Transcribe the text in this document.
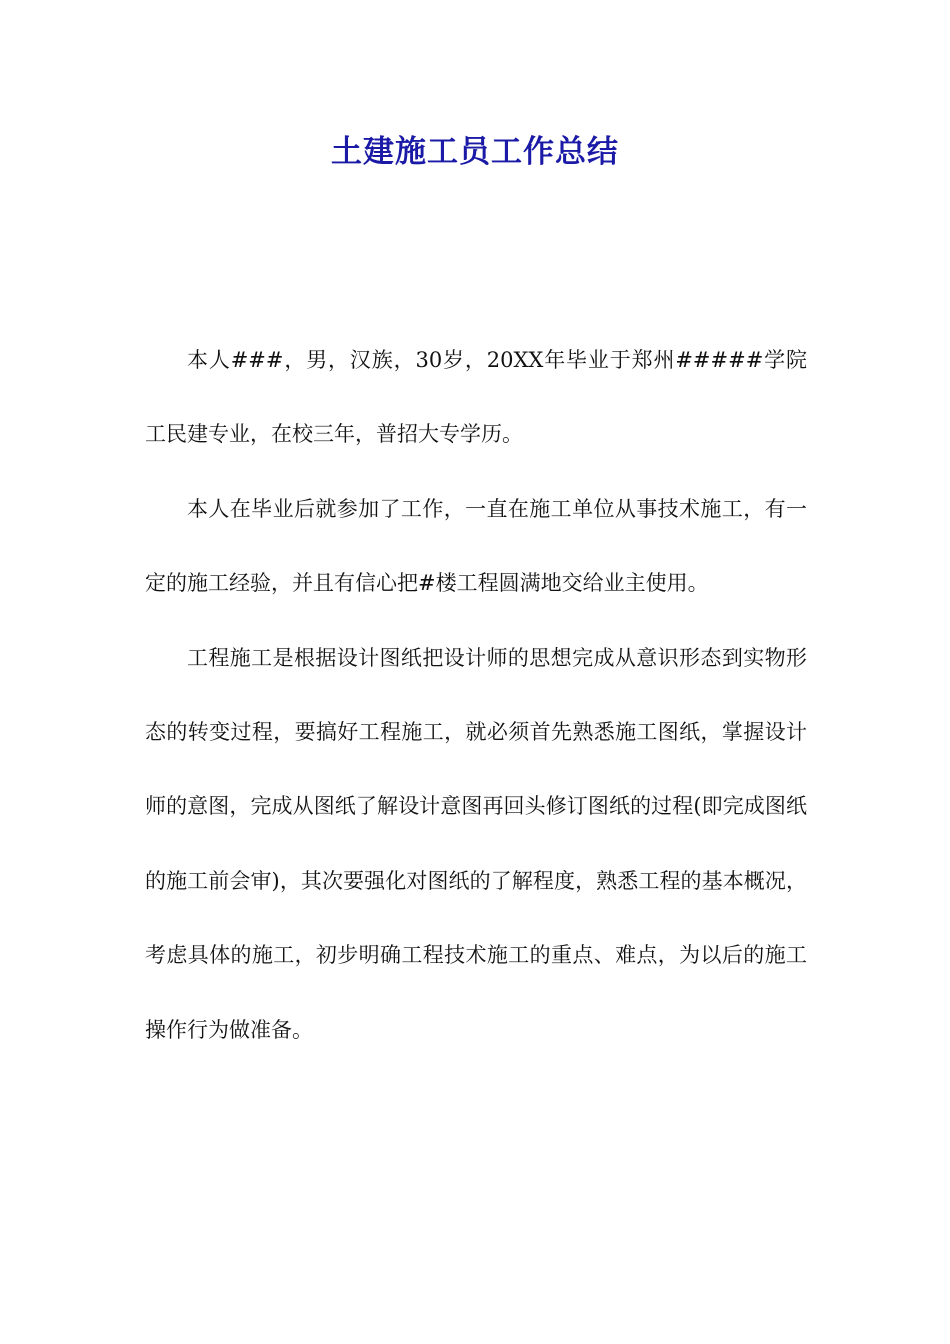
土建施工员工作总结

本人###，男，汉族，30岁，20XX年毕业于郑州#####学院工民建专业，在校三年，普招大专学历。

本人在毕业后就参加了工作，一直在施工单位从事技术施工，有一定的施工经验，并且有信心把#楼工程圆满地交给业主使用。

工程施工是根据设计图纸把设计师的思想完成从意识形态到实物形态的转变过程，要搞好工程施工，就必须首先熟悉施工图纸，掌握设计师的意图，完成从图纸了解设计意图再回头修订图纸的过程(即完成图纸的施工前会审)，其次要强化对图纸的了解程度，熟悉工程的基本概况，考虑具体的施工，初步明确工程技术施工的重点、难点，为以后的施工操作行为做准备。
